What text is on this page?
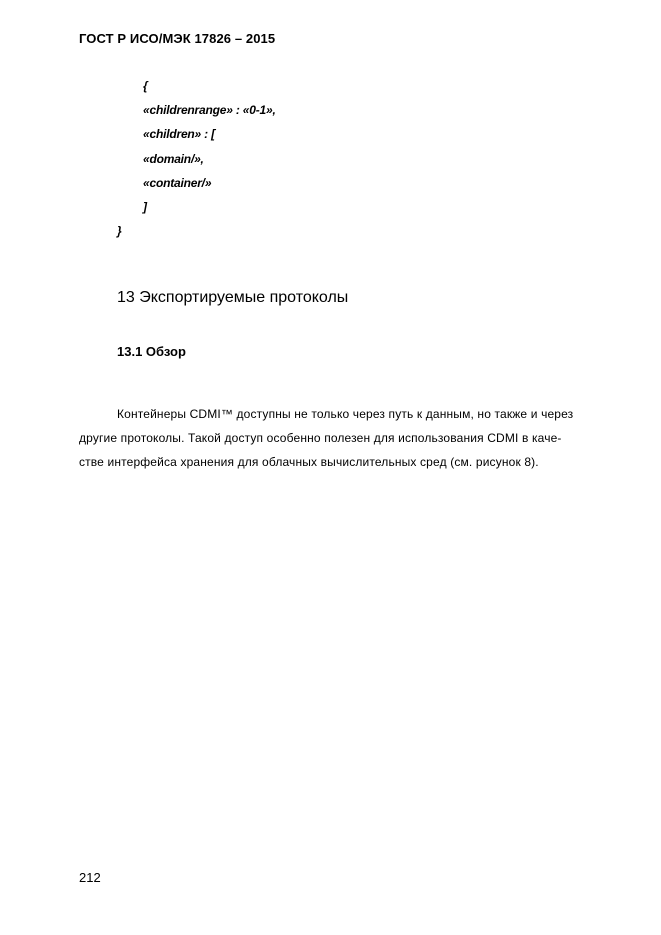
ГОСТ Р ИСО/МЭК 17826 – 2015
{
«childrenrange» : «0-1»,
«children» : [
«domain/»,
«container/»
]
}
13 Экспортируемые протоколы
13.1 Обзор
Контейнеры CDMI™ доступны не только через путь к данным, но также и через
другие протоколы. Такой доступ особенно полезен для использования CDMI в каче-
стве интерфейса хранения для облачных вычислительных сред (см. рисунок 8).
212
